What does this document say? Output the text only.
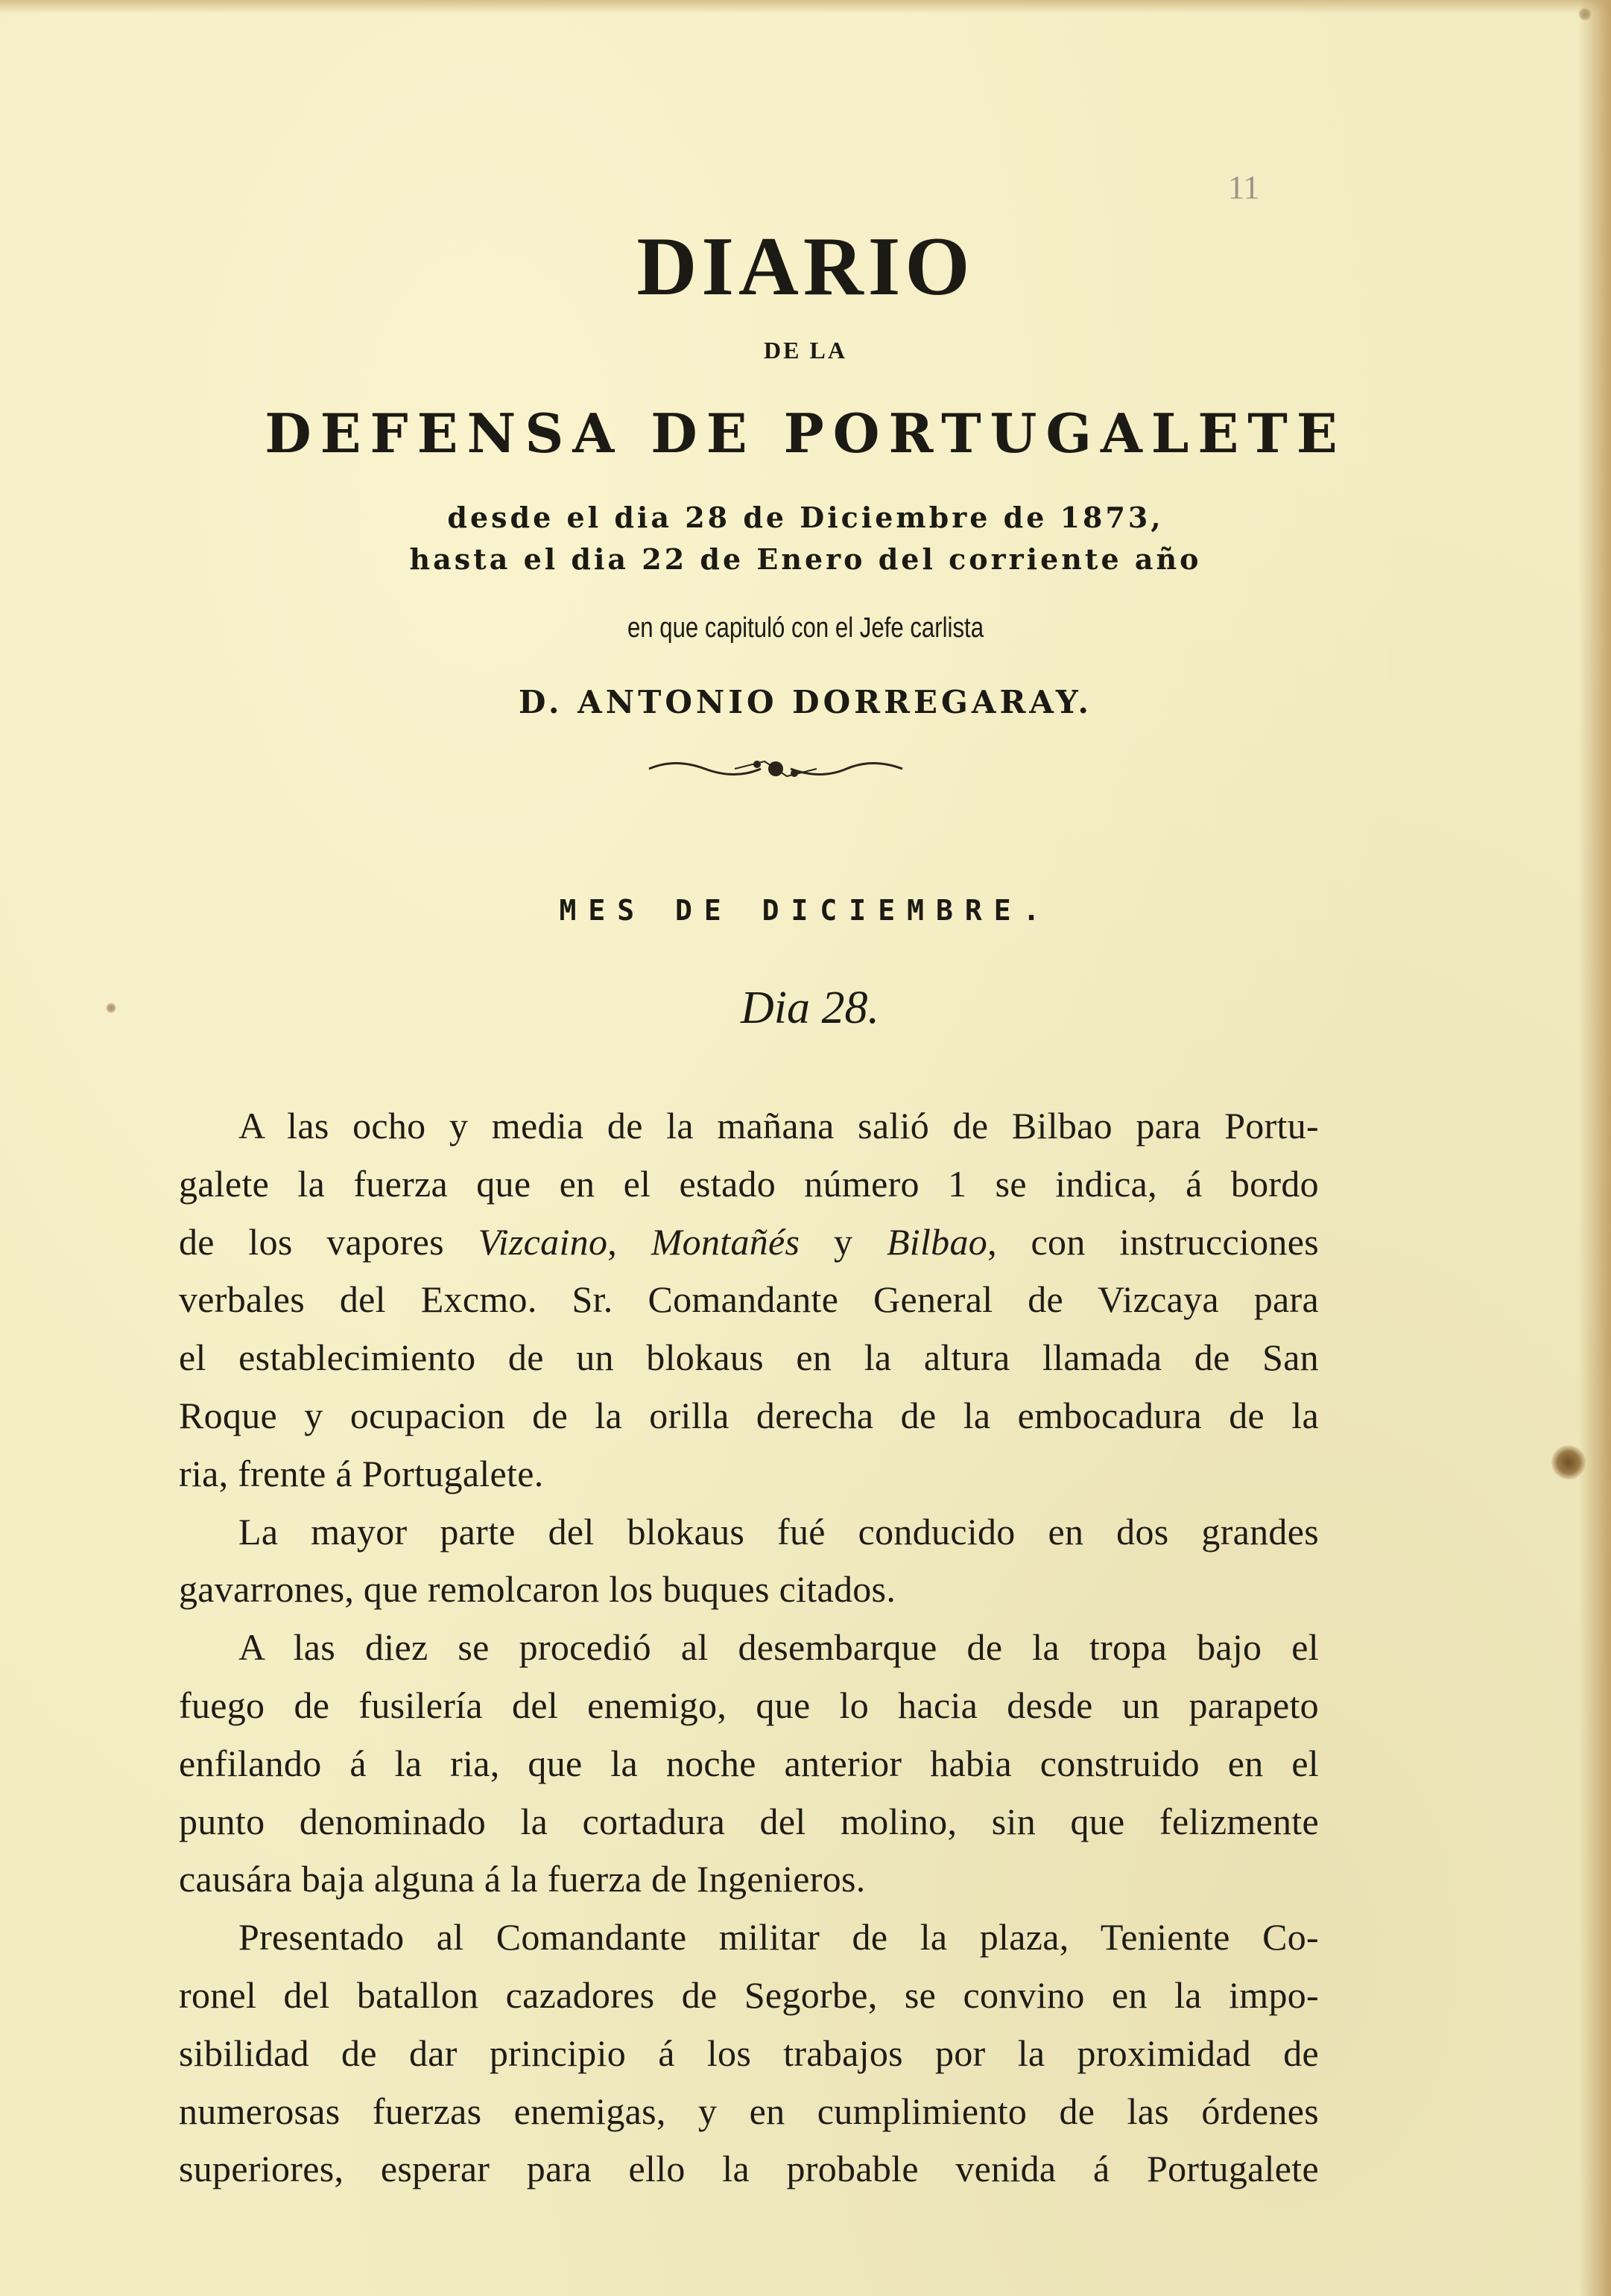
11
DIARIO
DE LA
DEFENSA DE PORTUGALETE
desde el dia 28 de Diciembre de 1873,
hasta el dia 22 de Enero del corriente año
en que capituló con el Jefe carlista
D. ANTONIO DORREGARAY.
MES DE DICIEMBRE.
Dia 28.
A las ocho y media de la mañana salió de Bilbao para Portu-
galete la fuerza que en el estado número 1 se indica, á bordo
de los vapores Vizcaino, Montañés y Bilbao, con instrucciones
verbales del Excmo. Sr. Comandante General de Vizcaya para
el establecimiento de un blokaus en la altura llamada de San
Roque y ocupacion de la orilla derecha de la embocadura de la
ria, frente á Portugalete.
La mayor parte del blokaus fué conducido en dos grandes
gavarrones, que remolcaron los buques citados.
A las diez se procedió al desembarque de la tropa bajo el
fuego de fusilería del enemigo, que lo hacia desde un parapeto
enfilando á la ria, que la noche anterior habia construido en el
punto denominado la cortadura del molino, sin que felizmente
causára baja alguna á la fuerza de Ingenieros.
Presentado al Comandante militar de la plaza, Teniente Co-
ronel del batallon cazadores de Segorbe, se convino en la impo-
sibilidad de dar principio á los trabajos por la proximidad de
numerosas fuerzas enemigas, y en cumplimiento de las órdenes
superiores, esperar para ello la probable venida á Portugalete
